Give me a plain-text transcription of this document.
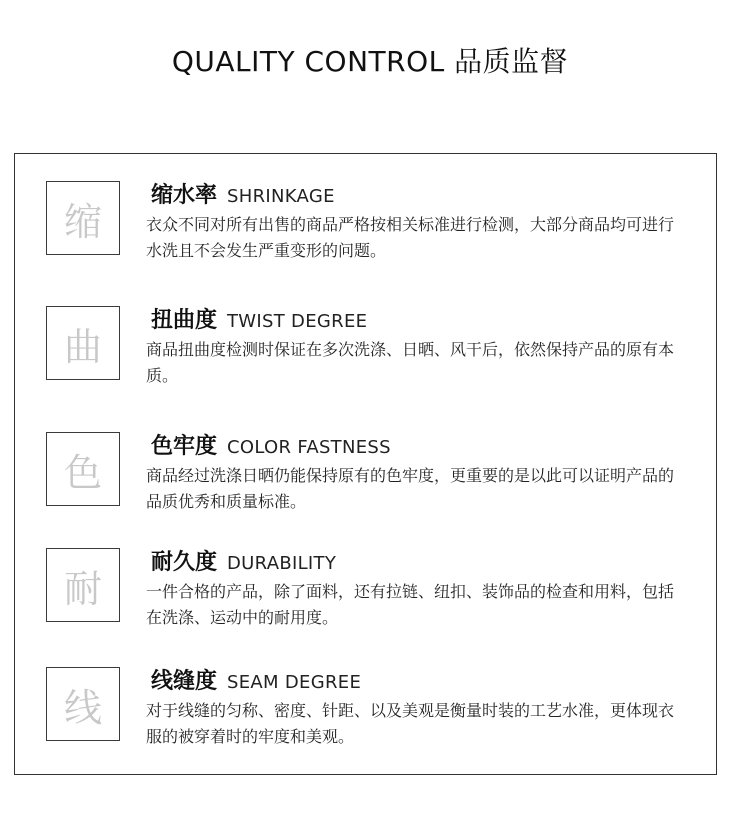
QUALITY CONTROL 品质监督
缩
缩水率 SHRINKAGE
衣众不同对所有出售的商品严格按相关标准进行检测，大部分商品均可进行水洗且不会发生严重变形的问题。
曲
扭曲度 TWIST DEGREE
商品扭曲度检测时保证在多次洗涤、日晒、风干后，依然保持产品的原有本质。
色
色牢度 COLOR FASTNESS
商品经过洗涤日晒仍能保持原有的色牢度，更重要的是以此可以证明产品的品质优秀和质量标准。
耐
耐久度 DURABILITY
一件合格的产品，除了面料，还有拉链、纽扣、装饰品的检查和用料，包括在洗涤、运动中的耐用度。
线
线缝度 SEAM DEGREE
对于线缝的匀称、密度、针距、以及美观是衡量时装的工艺水准，更体现衣服的被穿着时的牢度和美观。
